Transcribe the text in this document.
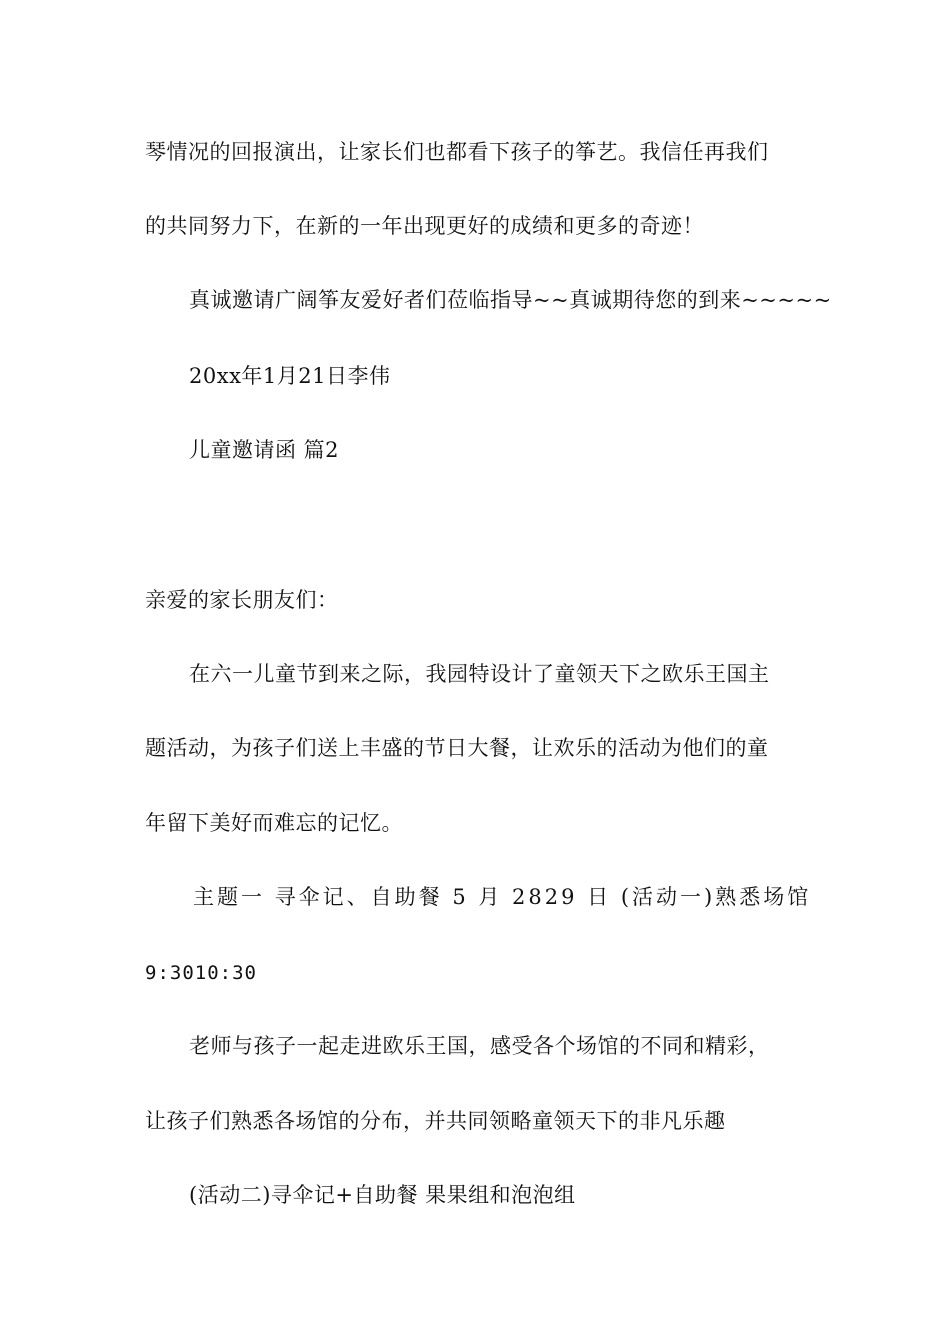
琴情况的回报演出，让家长们也都看下孩子的筝艺。我信任再我们
的共同努力下，在新的一年出现更好的成绩和更多的奇迹！
真诚邀请广阔筝友爱好者们莅临指导~~真诚期待您的到来~~~~~
20xx年1月21日李伟
儿童邀请函 篇2
亲爱的家长朋友们：
在六一儿童节到来之际，我园特设计了童领天下之欧乐王国主
题活动，为孩子们送上丰盛的节日大餐，让欢乐的活动为他们的童
年留下美好而难忘的记忆。
主题一 寻伞记、自助餐 5 月 2829 日 (活动一)熟悉场馆
9:3010:30
老师与孩子一起走进欧乐王国，感受各个场馆的不同和精彩，
让孩子们熟悉各场馆的分布，并共同领略童领天下的非凡乐趣
(活动二)寻伞记+自助餐 果果组和泡泡组
